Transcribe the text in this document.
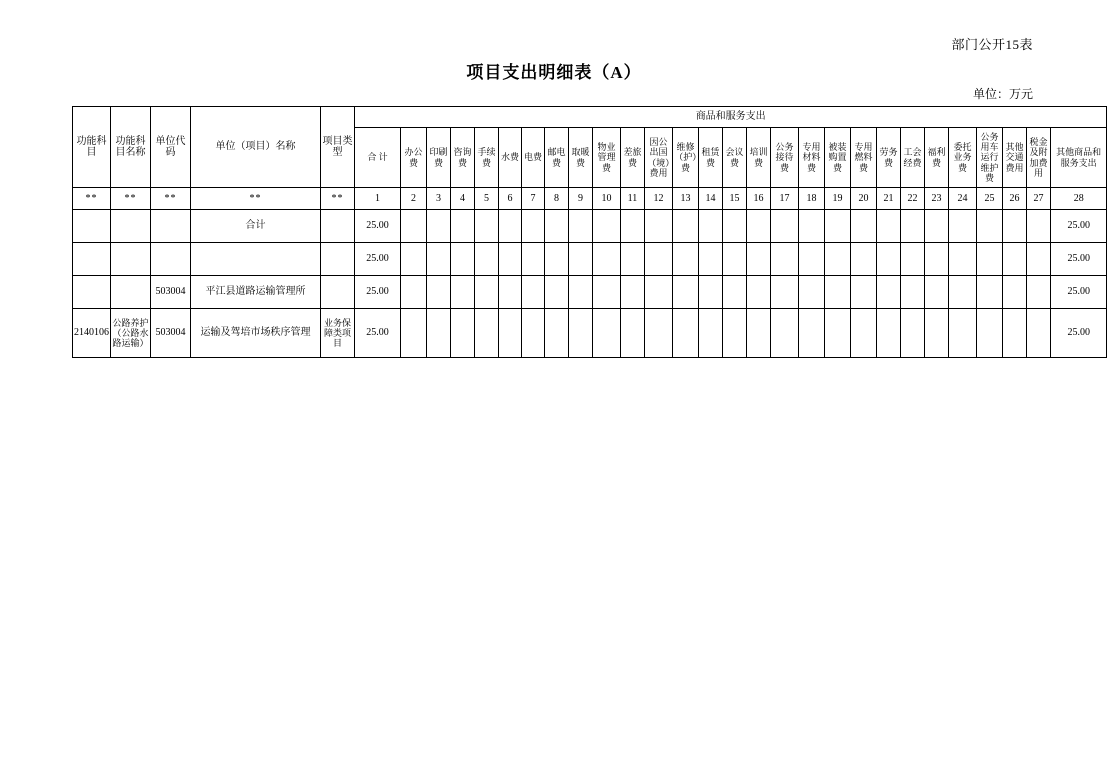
部门公开15表
项目支出明细表（A）
单位：万元
功能科目	功能科目名称	单位代码	单位（项目）名称	项目类型	商品和服务支出																											
					合 计	办公费	印刷费	咨询费	手续费	水费	电费	邮电费	取暖费	物业管理费	差旅费	因公出国（境）费用	维修（护）费	租赁费	会议费	培训费	公务接待费	专用材料费	被装购置费	专用燃料费	劳务费	工会经费	福利费	委托业务费	公务用车运行维护费	其他交通费用	税金及附加费用	其他商品和服务支出
**	**	**	**	**	1	2	3	4	5	6	7	8	9	10	11	12	13	14	15	16	17	18	19	20	21	22	23	24	25	26	27	28
			合计		25.00																											25.00
					25.00																											25.00
		503004	平江县道路运输管理所		25.00																											25.00
2140106	公路养护（公路水路运输）	503004	运输及驾培市场秩序管理	业务保障类项目	25.00																											25.00
